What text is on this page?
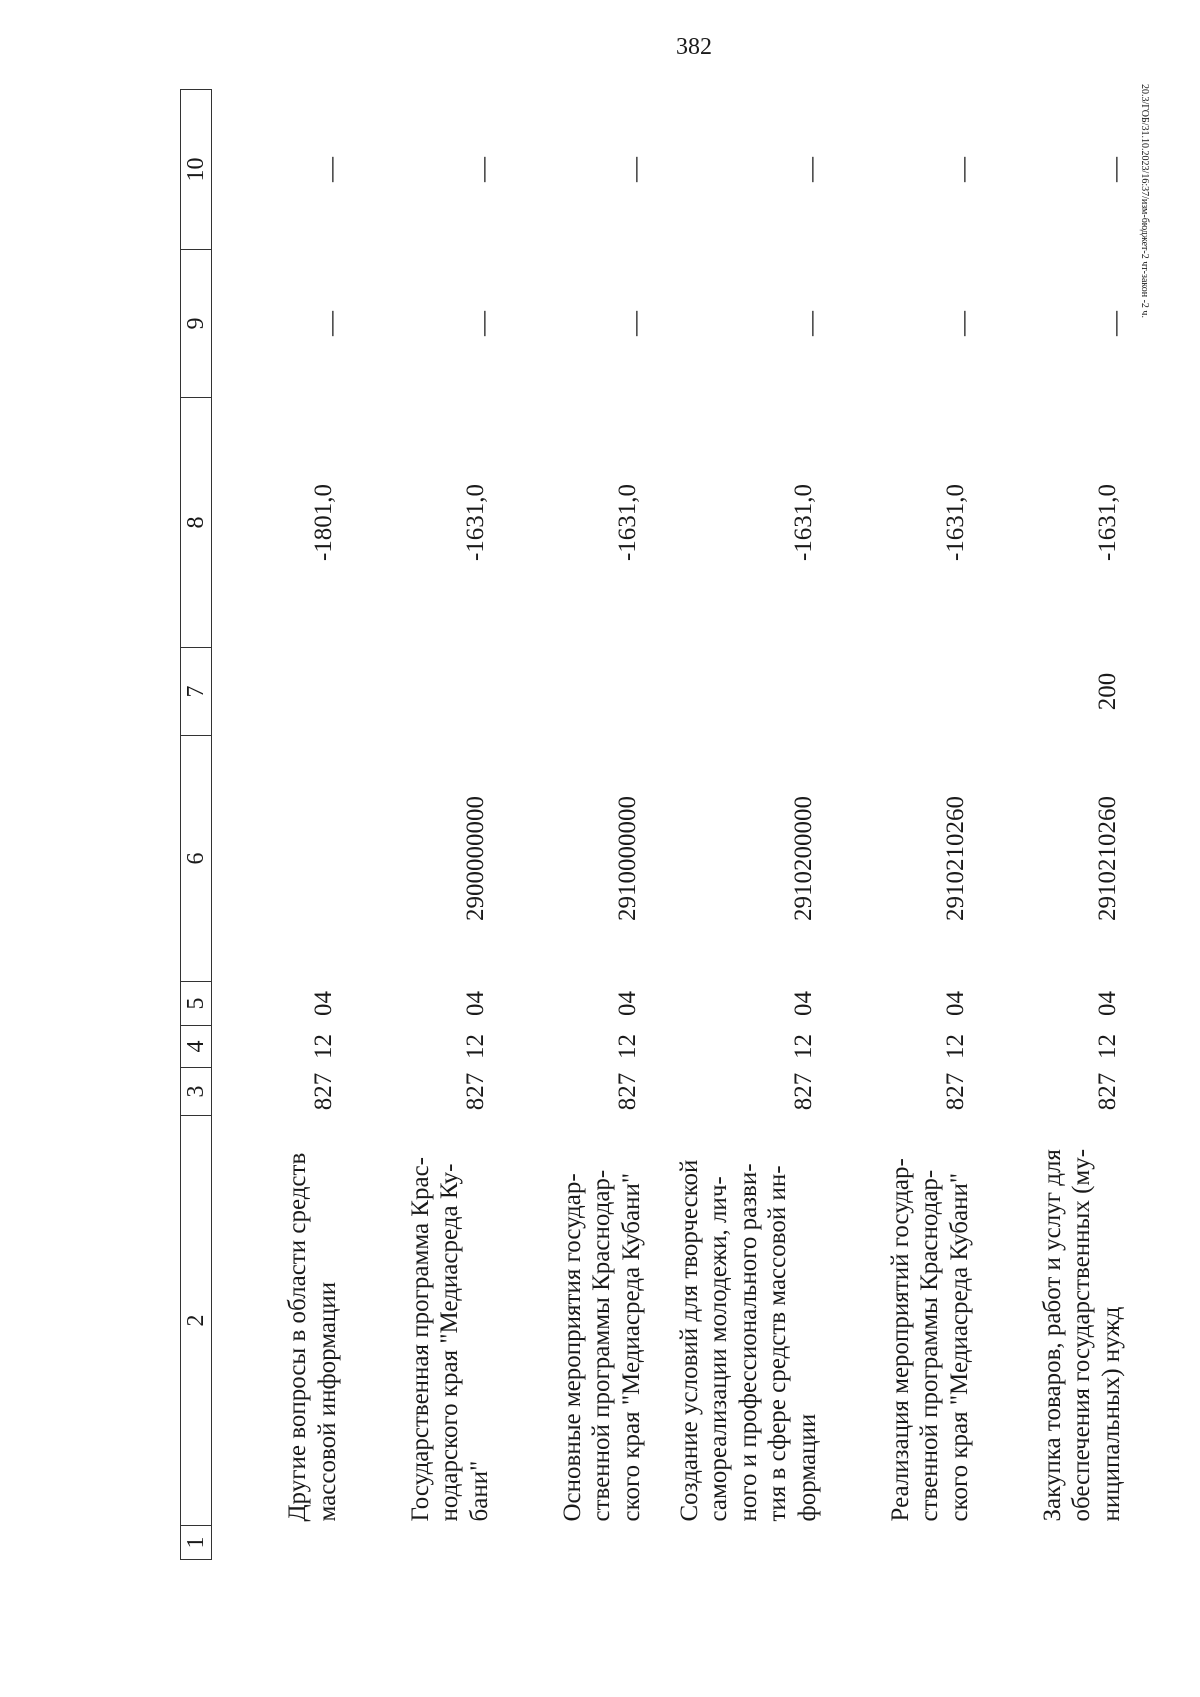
382
20.3/ГОБ/31.10.2023/16:37/изм-бюджет-2 чт-закон -2 ч.
1	2	3	4	5	6	7	8	9	10

	Другие вопросы в области средств массовой информации	827	12	04			-1801,0	—	—

	Государственная программа Крас- нодарского края "Медиасреда Ку- бани"	827	12	04	2900000000		-1631,0	—	—

	Основные мероприятия государ- ственной программы Краснодар- ского края "Медиасреда Кубани"	827	12	04	2910000000		-1631,0	—	—

	Создание условий для творческой самореализации молодежи, лич- ного и профессионального разви- тия в сфере средств массовой ин- формации	827	12	04	2910200000		-1631,0	—	—

	Реализация мероприятий государ- ственной программы Краснодар- ского края "Медиасреда Кубани"	827	12	04	2910210260		-1631,0	—	—

	Закупка товаров, работ и услуг для обеспечения государственных (му- ниципальных) нужд	827	12	04	2910210260	200	-1631,0	—	—
